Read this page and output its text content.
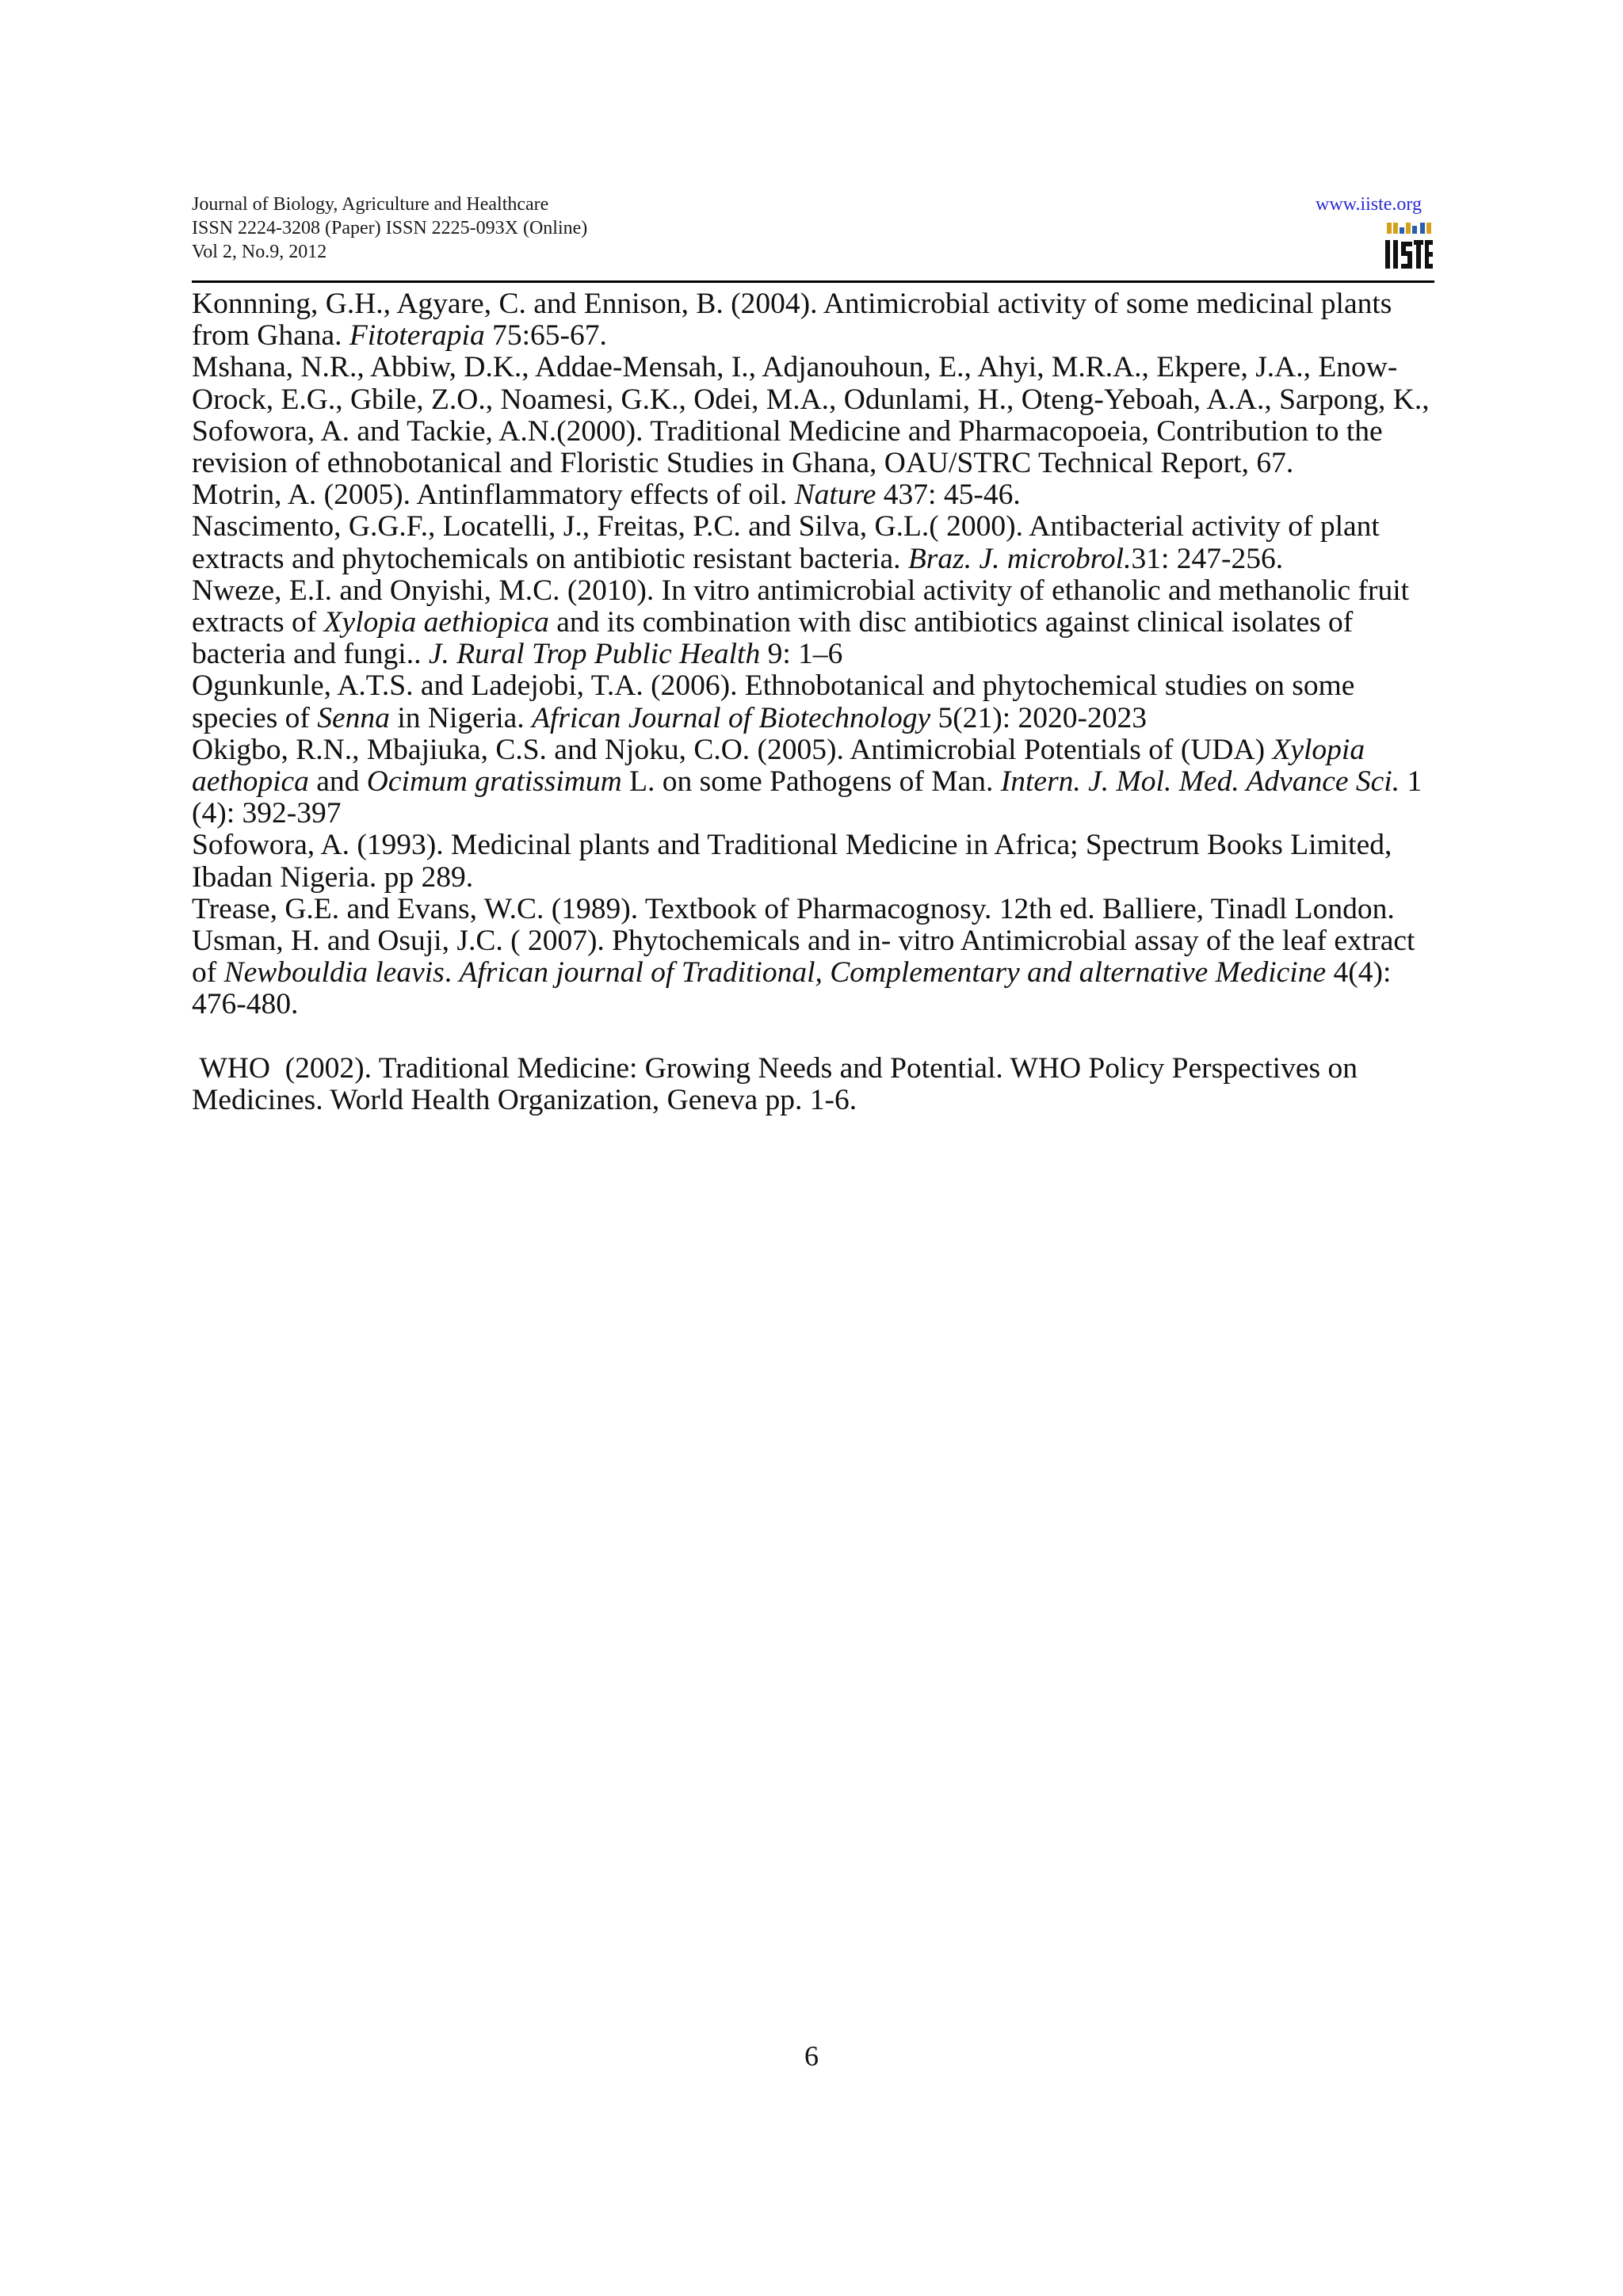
Journal of Biology, Agriculture and Healthcare
ISSN 2224-3208 (Paper) ISSN 2225-093X (Online)
Vol 2, No.9, 2012
www.iiste.org

Konnning, G.H., Agyare, C. and Ennison, B. (2004). Antimicrobial activity of some medicinal plants from Ghana. Fitoterapia 75:65-67.

Mshana, N.R., Abbiw, D.K., Addae-Mensah, I., Adjanouhoun, E., Ahyi, M.R.A., Ekpere, J.A., Enow-Orock, E.G., Gbile, Z.O., Noamesi, G.K., Odei, M.A., Odunlami, H., Oteng-Yeboah, A.A., Sarpong, K., Sofowora, A. and Tackie, A.N.(2000). Traditional Medicine and Pharmacopoeia, Contribution to the revision of ethnobotanical and Floristic Studies in Ghana, OAU/STRC Technical Report, 67.

Motrin, A. (2005). Antinflammatory effects of oil. Nature 437: 45-46.

Nascimento, G.G.F., Locatelli, J., Freitas, P.C. and Silva, G.L.( 2000). Antibacterial activity of plant extracts and phytochemicals on antibiotic resistant bacteria. Braz. J. microbrol.31: 247-256.

Nweze, E.I. and Onyishi, M.C. (2010). In vitro antimicrobial activity of ethanolic and methanolic fruit extracts of Xylopia aethiopica and its combination with disc antibiotics against clinical isolates of bacteria and fungi.. J. Rural Trop Public Health 9: 1–6

Ogunkunle, A.T.S. and Ladejobi, T.A. (2006). Ethnobotanical and phytochemical studies on some species of Senna in Nigeria. African Journal of Biotechnology 5(21): 2020-2023

Okigbo, R.N., Mbajiuka, C.S. and Njoku, C.O. (2005). Antimicrobial Potentials of (UDA) Xylopia aethopica and Ocimum gratissimum L. on some Pathogens of Man. Intern. J. Mol. Med. Advance Sci. 1 (4): 392-397

Sofowora, A. (1993). Medicinal plants and Traditional Medicine in Africa; Spectrum Books Limited, Ibadan Nigeria. pp 289.

Trease, G.E. and Evans, W.C. (1989). Textbook of Pharmacognosy. 12th ed. Balliere, Tinadl London.

Usman, H. and Osuji, J.C. ( 2007). Phytochemicals and in- vitro Antimicrobial assay of the leaf extract of Newbouldia leavis. African journal of Traditional, Complementary and alternative Medicine 4(4): 476-480.

WHO  (2002). Traditional Medicine: Growing Needs and Potential. WHO Policy Perspectives on Medicines. World Health Organization, Geneva pp. 1-6.

6
